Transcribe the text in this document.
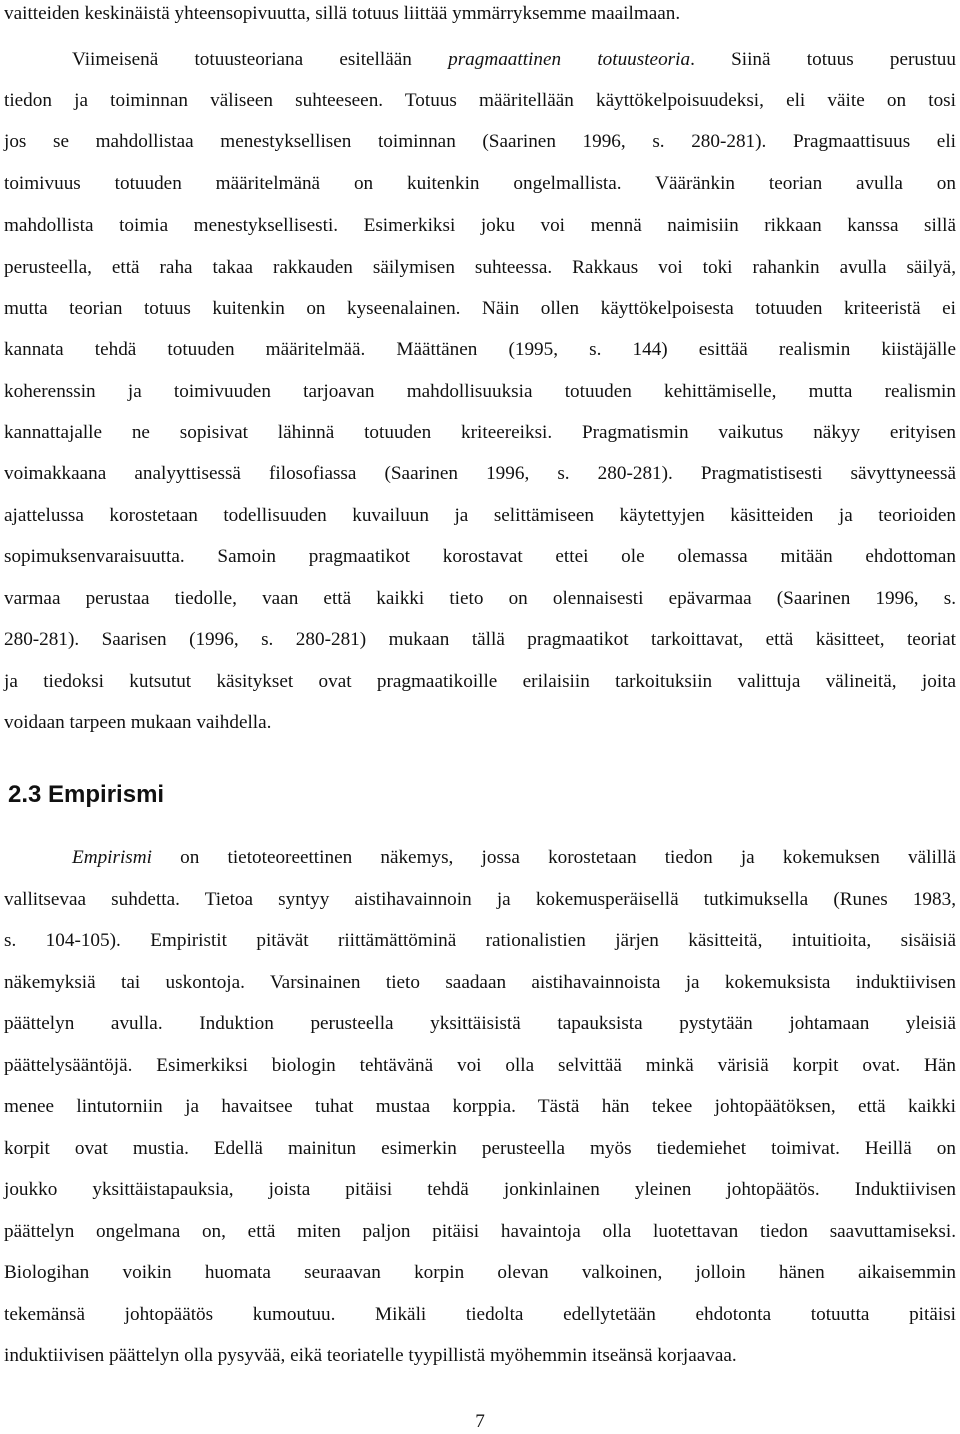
vaitteiden keskinäistä yhteensopivuutta, sillä totuus liittää ymmärryksemme maailmaan.
Viimeisenä totuusteoriana esitellään pragmaattinen totuusteoria. Siinä totuus perustuu
tiedon ja toiminnan väliseen suhteeseen. Totuus määritellään käyttökelpoisuudeksi, eli väite on tosi
jos se mahdollistaa menestyksellisen toiminnan (Saarinen 1996, s. 280-281). Pragmaattisuus eli
toimivuus totuuden määritelmänä on kuitenkin ongelmallista. Vääränkin teorian avulla on
mahdollista toimia menestyksellisesti. Esimerkiksi joku voi mennä naimisiin rikkaan kanssa sillä
perusteella, että raha takaa rakkauden säilymisen suhteessa. Rakkaus voi toki rahankin avulla säilyä,
mutta teorian totuus kuitenkin on kyseenalainen. Näin ollen käyttökelpoisesta totuuden kriteeristä ei
kannata tehdä totuuden määritelmää. Määttänen (1995, s. 144) esittää realismin kiistäjälle
koherenssin ja toimivuuden tarjoavan mahdollisuuksia totuuden kehittämiselle, mutta realismin
kannattajalle ne sopisivat lähinnä totuuden kriteereiksi. Pragmatismin vaikutus näkyy erityisen
voimakkaana analyyttisessä filosofiassa (Saarinen 1996, s. 280-281). Pragmatistisesti sävyttyneessä
ajattelussa korostetaan todellisuuden kuvailuun ja selittämiseen käytettyjen käsitteiden ja teorioiden
sopimuksenvaraisuutta. Samoin pragmaatikot korostavat ettei ole olemassa mitään ehdottoman
varmaa perustaa tiedolle, vaan että kaikki tieto on olennaisesti epävarmaa (Saarinen 1996, s.
280-281). Saarisen (1996, s. 280-281) mukaan tällä pragmaatikot tarkoittavat, että käsitteet, teoriat
ja tiedoksi kutsutut käsitykset ovat pragmaatikoille erilaisiin tarkoituksiin valittuja välineitä, joita
voidaan tarpeen mukaan vaihdella.
2.3 Empirismi
Empirismi on tietoteoreettinen näkemys, jossa korostetaan tiedon ja kokemuksen välillä
vallitsevaa suhdetta. Tietoa syntyy aistihavainnoin ja kokemusperäisellä tutkimuksella (Runes 1983,
s. 104-105). Empiristit pitävät riittämättöminä rationalistien järjen käsitteitä, intuitioita, sisäisiä
näkemyksiä tai uskontoja. Varsinainen tieto saadaan aistihavainnoista ja kokemuksista induktiivisen
päättelyn avulla. Induktion perusteella yksittäisistä tapauksista pystytään johtamaan yleisiä
päättelysääntöjä. Esimerkiksi biologin tehtävänä voi olla selvittää minkä värisiä korpit ovat. Hän
menee lintutorniin ja havaitsee tuhat mustaa korppia. Tästä hän tekee johtopäätöksen, että kaikki
korpit ovat mustia. Edellä mainitun esimerkin perusteella myös tiedemiehet toimivat. Heillä on
joukko yksittäistapauksia, joista pitäisi tehdä jonkinlainen yleinen johtopäätös. Induktiivisen
päättelyn ongelmana on, että miten paljon pitäisi havaintoja olla luotettavan tiedon saavuttamiseksi.
Biologihan voikin huomata seuraavan korpin olevan valkoinen, jolloin hänen aikaisemmin
tekemänsä johtopäätös kumoutuu. Mikäli tiedolta edellytetään ehdotonta totuutta pitäisi
induktiivisen päättelyn olla pysyvää, eikä teoriatelle tyypillistä myöhemmin itseänsä korjaavaa.
7
